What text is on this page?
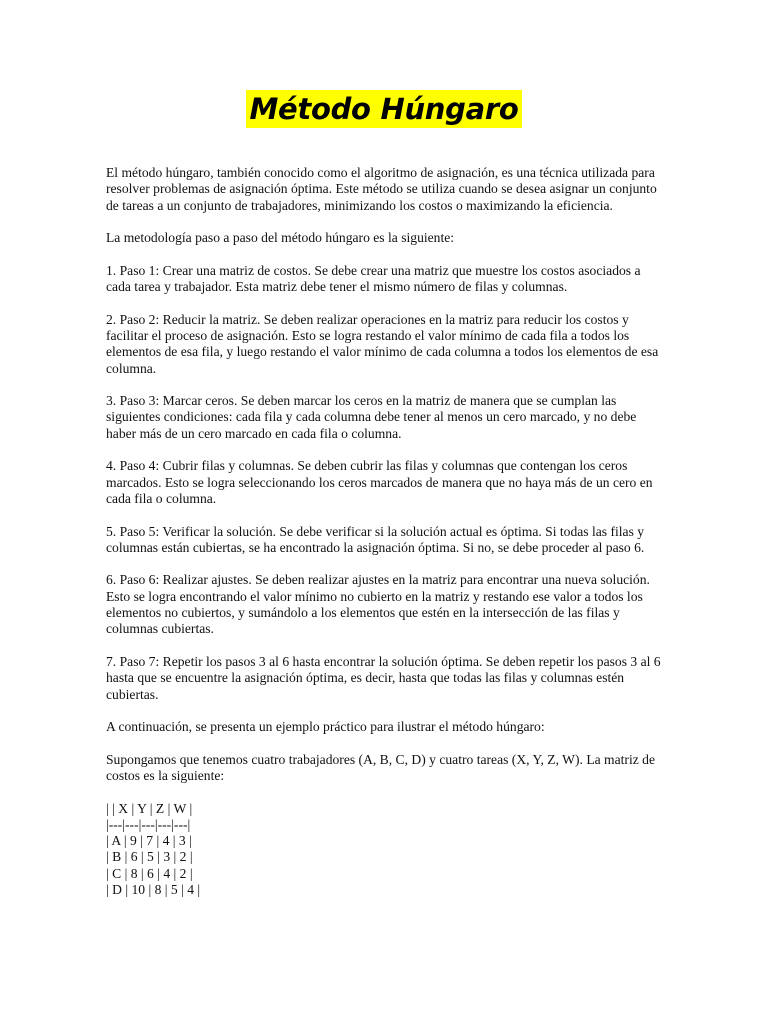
Método Húngaro

El método húngaro, también conocido como el algoritmo de asignación, es una técnica utilizada para resolver problemas de asignación óptima. Este método se utiliza cuando se desea asignar un conjunto de tareas a un conjunto de trabajadores, minimizando los costos o maximizando la eficiencia.

La metodología paso a paso del método húngaro es la siguiente:

1. Paso 1: Crear una matriz de costos. Se debe crear una matriz que muestre los costos asociados a cada tarea y trabajador. Esta matriz debe tener el mismo número de filas y columnas.

2. Paso 2: Reducir la matriz. Se deben realizar operaciones en la matriz para reducir los costos y facilitar el proceso de asignación. Esto se logra restando el valor mínimo de cada fila a todos los elementos de esa fila, y luego restando el valor mínimo de cada columna a todos los elementos de esa columna.

3. Paso 3: Marcar ceros. Se deben marcar los ceros en la matriz de manera que se cumplan las siguientes condiciones: cada fila y cada columna debe tener al menos un cero marcado, y no debe haber más de un cero marcado en cada fila o columna.

4. Paso 4: Cubrir filas y columnas. Se deben cubrir las filas y columnas que contengan los ceros marcados. Esto se logra seleccionando los ceros marcados de manera que no haya más de un cero en cada fila o columna.

5. Paso 5: Verificar la solución. Se debe verificar si la solución actual es óptima. Si todas las filas y columnas están cubiertas, se ha encontrado la asignación óptima. Si no, se debe proceder al paso 6.

6. Paso 6: Realizar ajustes. Se deben realizar ajustes en la matriz para encontrar una nueva solución. Esto se logra encontrando el valor mínimo no cubierto en la matriz y restando ese valor a todos los elementos no cubiertos, y sumándolo a los elementos que estén en la intersección de las filas y columnas cubiertas.

7. Paso 7: Repetir los pasos 3 al 6 hasta encontrar la solución óptima. Se deben repetir los pasos 3 al 6 hasta que se encuentre la asignación óptima, es decir, hasta que todas las filas y columnas estén cubiertas.

A continuación, se presenta un ejemplo práctico para ilustrar el método húngaro:

Supongamos que tenemos cuatro trabajadores (A, B, C, D) y cuatro tareas (X, Y, Z, W). La matriz de costos es la siguiente:

| | X | Y | Z | W |

|---|---|---|---|---|

| A | 9 | 7 | 4 | 3 |

| B | 6 | 5 | 3 | 2 |

| C | 8 | 6 | 4 | 2 |

| D | 10 | 8 | 5 | 4 |
